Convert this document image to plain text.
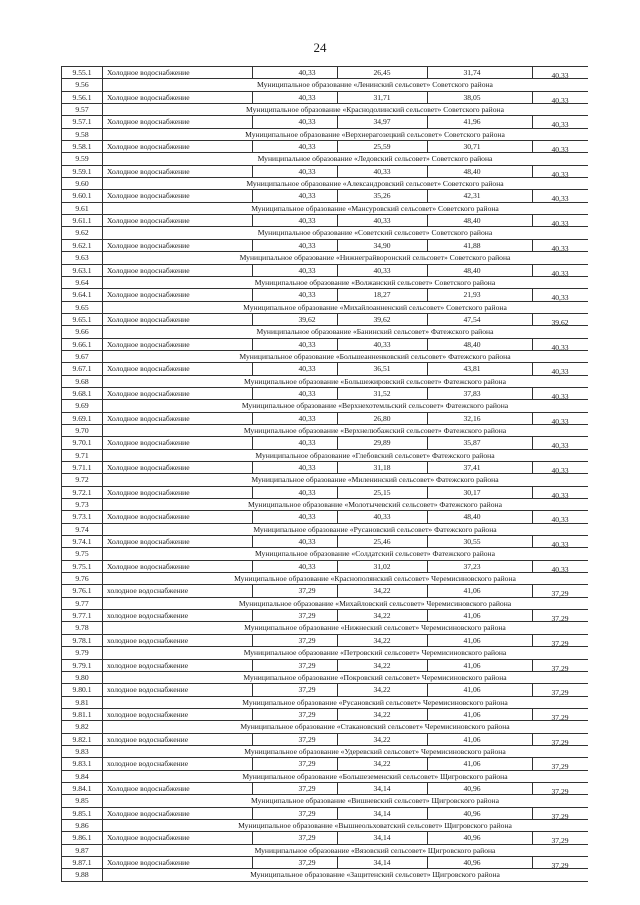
24
9.55.1	Холодное водоснабжение	40,33	26,45	31,74	40,33
9.56	Муниципальное образование «Ленинский сельсовет» Советского района
9.56.1	Холодное водоснабжение	40,33	31,71	38,05	40,33
9.57	Муниципальное образование «Краснодолинский сельсовет» Советского района
9.57.1	Холодное водоснабжение	40,33	34,97	41,96	40,33
9.58	Муниципальное образование «Верхнерагозецкий сельсовет» Советского района
9.58.1	Холодное водоснабжение	40,33	25,59	30,71	40,33
9.59	Муниципальное образование «Ледовский сельсовет» Советского района
9.59.1	Холодное водоснабжение	40,33	40,33	48,40	40,33
9.60	Муниципальное образование «Александровский сельсовет» Советского района
9.60.1	Холодное водоснабжение	40,33	35,26	42,31	40,33
9.61	Муниципальное образование «Мансуровский сельсовет» Советского района
9.61.1	Холодное водоснабжение	40,33	40,33	48,40	40,33
9.62	Муниципальное образование «Советский сельсовет» Советского района
9.62.1	Холодное водоснабжение	40,33	34,90	41,88	40,33
9.63	Муниципальное образование «Нижнеграйворонский сельсовет» Советского района
9.63.1	Холодное водоснабжение	40,33	40,33	48,40	40,33
9.64	Муниципальное образование «Волжанский сельсовет» Советского района
9.64.1	Холодное водоснабжение	40,33	18,27	21,93	40,33
9.65	Муниципальное образование «Михайлоанненский сельсовет» Советского района
9.65.1	Холодное водоснабжение	39,62	39,62	47,54	39,62
9.66	Муниципальное образование «Банинский сельсовет» Фатежского района
9.66.1	Холодное водоснабжение	40,33	40,33	48,40	40,33
9.67	Муниципальное образование «Большеанненковский сельсовет» Фатежского района
9.67.1	Холодное водоснабжение	40,33	36,51	43,81	40,33
9.68	Муниципальное образование «Большежировский сельсовет» Фатежского района
9.68.1	Холодное водоснабжение	40,33	31,52	37,83	40,33
9.69	Муниципальное образование «Верхнехотемльский сельсовет» Фатежского района
9.69.1	Холодное водоснабжение	40,33	26,80	32,16	40,33
9.70	Муниципальное образование «Верхнелюбажский сельсовет» Фатежского района
9.70.1	Холодное водоснабжение	40,33	29,89	35,87	40,33
9.71	Муниципальное образование «Глебовский сельсовет» Фатежского района
9.71.1	Холодное водоснабжение	40,33	31,18	37,41	40,33
9.72	Муниципальное образование «Миленинский сельсовет» Фатежского района
9.72.1	Холодное водоснабжение	40,33	25,15	30,17	40,33
9.73	Муниципальное образование «Молотычевский сельсовет» Фатежского района
9.73.1	Холодное водоснабжение	40,33	40,33	48,40	40,33
9.74	Муниципальное образование «Русановский сельсовет» Фатежского района
9.74.1	Холодное водоснабжение	40,33	25,46	30,55	40,33
9.75	Муниципальное образование «Солдатский сельсовет» Фатежского района
9.75.1	Холодное водоснабжение	40,33	31,02	37,23	40,33
9.76	Муниципальное образование «Краснополянский сельсовет» Черемисиновского района
9.76.1	холодное водоснабжение	37,29	34,22	41,06	37,29
9.77	Муниципальное образование «Михайловский сельсовет» Черемисиновского района
9.77.1	холодное водоснабжение	37,29	34,22	41,06	37,29
9.78	Муниципальное образование «Нижнеский сельсовет» Черемисиновского района
9.78.1	холодное водоснабжение	37,29	34,22	41,06	37,29
9.79	Муниципальное образование «Петровский сельсовет» Черемисиновского района
9.79.1	холодное водоснабжение	37,29	34,22	41,06	37,29
9.80	Муниципальное образование «Покровский сельсовет» Черемисиновского района
9.80.1	холодное водоснабжение	37,29	34,22	41,06	37,29
9.81	Муниципальное образование «Русановский сельсовет» Черемисиновского района
9.81.1	холодное водоснабжение	37,29	34,22	41,06	37,29
9.82	Муниципальное образование «Стакановский сельсовет» Черемисиновского района
9.82.1	холодное водоснабжение	37,29	34,22	41,06	37,29
9.83	Муниципальное образование «Удеревский сельсовет» Черемисиновского района
9.83.1	холодное водоснабжение	37,29	34,22	41,06	37,29
9.84	Муниципальное образование «Большеземенский сельсовет» Щигровского района
9.84.1	Холодное водоснабжение	37,29	34,14	40,96	37,29
9.85	Муниципальное образование «Вишневский сельсовет» Щигровского района
9.85.1	Холодное водоснабжение	37,29	34,14	40,96	37,29
9.86	Муниципальное образование «Вышнеольховатский сельсовет» Щигровского района
9.86.1	Холодное водоснабжение	37,29	34,14	40,96	37,29
9.87	Муниципальное образование «Вязовский сельсовет» Щигровского района
9.87.1	Холодное водоснабжение	37,29	34,14	40,96	37,29
9.88	Муниципальное образование «Защитенский сельсовет» Щигровского района
